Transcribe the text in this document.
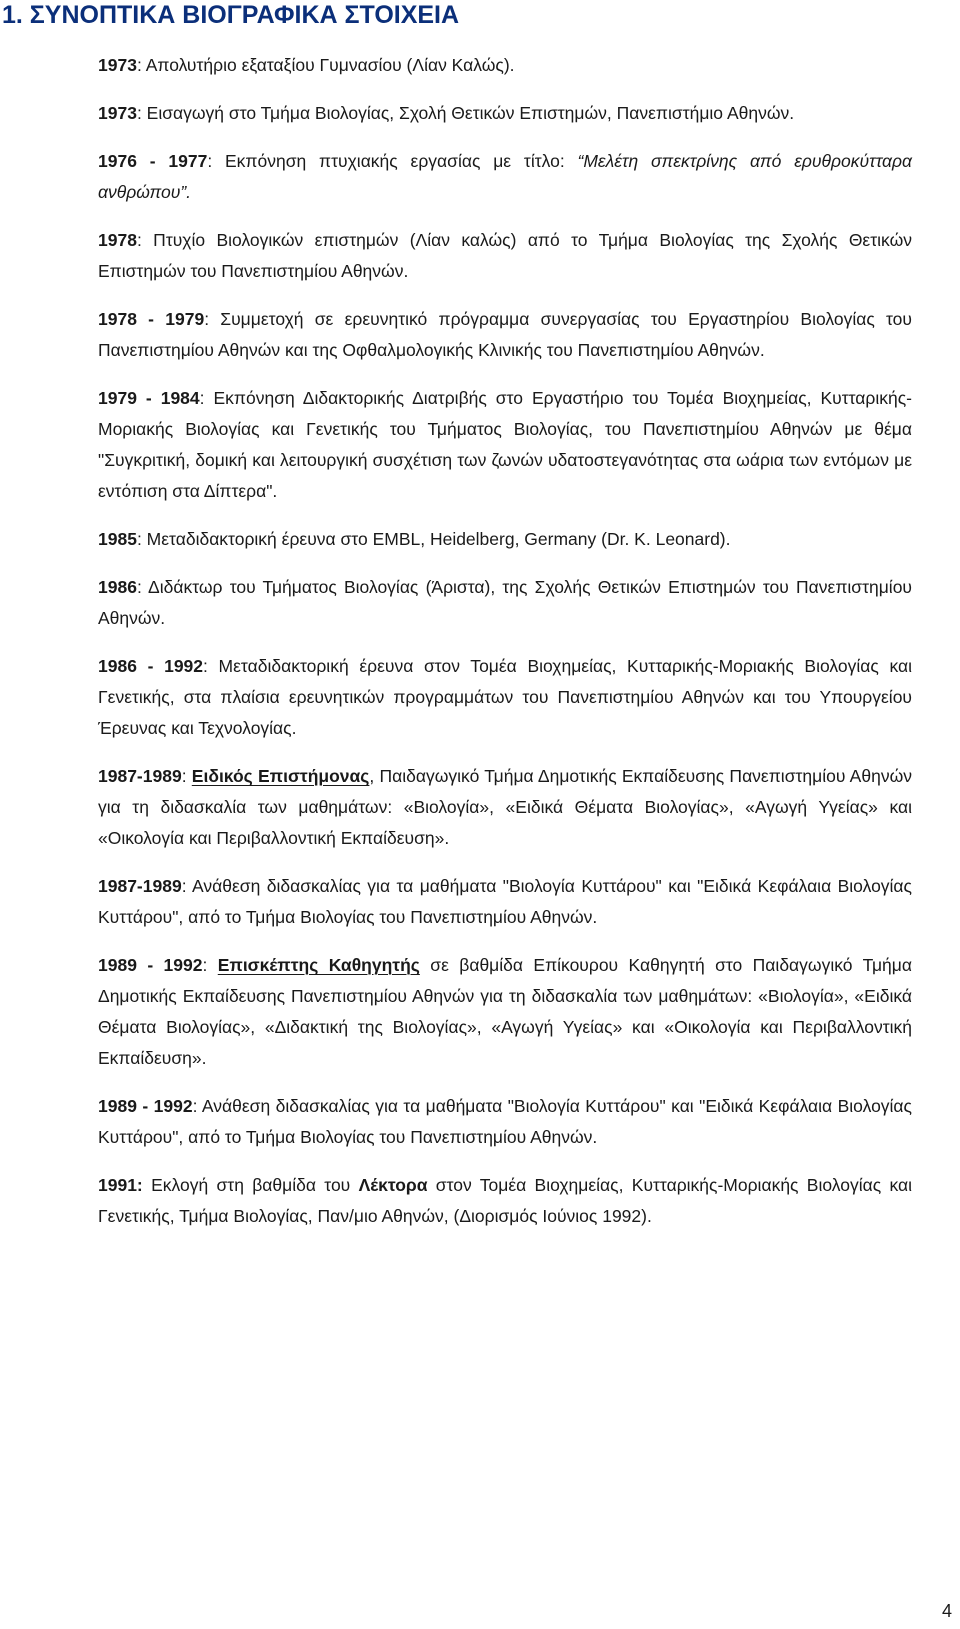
1. ΣΥΝΟΠΤΙΚΑ ΒΙΟΓΡΑΦΙΚΑ ΣΤΟΙΧΕΙΑ

1973: Απολυτήριο εξαταξίου Γυμνασίου (Λίαν Καλώς).

1973: Εισαγωγή στο Τμήμα Βιολογίας, Σχολή Θετικών Επιστημών, Πανεπιστήμιο Αθηνών.

1976 - 1977: Εκπόνηση πτυχιακής εργασίας με τίτλο: “Μελέτη σπεκτρίνης από ερυθροκύτταρα ανθρώπου”.

1978: Πτυχίο Βιολογικών επιστημών (Λίαν καλώς) από το Τμήμα Βιολογίας της Σχολής Θετικών Επιστημών του Πανεπιστημίου Αθηνών.

1978 - 1979: Συμμετοχή σε ερευνητικό πρόγραμμα συνεργασίας του Εργαστηρίου Βιολογίας του Πανεπιστημίου Αθηνών και της Οφθαλμολογικής Κλινικής του Πανεπιστημίου Αθηνών.

1979 - 1984: Εκπόνηση Διδακτορικής Διατριβής στο Εργαστήριο του Τομέα Βιοχημείας, Κυτταρικής-Μοριακής Βιολογίας και Γενετικής του Τμήματος Βιολογίας, του Πανεπιστημίου Αθηνών με θέμα "Συγκριτική, δομική και λειτουργική συσχέτιση των ζωνών υδατοστεγανότητας στα ωάρια των εντόμων με εντόπιση στα Δίπτερα".

1985: Μεταδιδακτορική έρευνα στο EMBL, Heidelberg, Germany (Dr. K. Leonard).

1986: Διδάκτωρ του Τμήματος Βιολογίας (Άριστα), της Σχολής Θετικών Επιστημών του Πανεπιστημίου Αθηνών.

1986 - 1992: Μεταδιδακτορική έρευνα στον Τομέα Βιοχημείας, Κυτταρικής-Μοριακής Βιολογίας και Γενετικής, στα πλαίσια ερευνητικών προγραμμάτων του Πανεπιστημίου Αθηνών και του Υπουργείου Έρευνας και Τεχνολογίας.

1987-1989: Ειδικός Επιστήμονας, Παιδαγωγικό Τμήμα Δημοτικής Εκπαίδευσης Πανεπιστημίου Αθηνών για τη διδασκαλία των μαθημάτων: «Βιολογία», «Ειδικά Θέματα Βιολογίας», «Αγωγή Υγείας» και «Οικολογία και Περιβαλλοντική Εκπαίδευση».

1987-1989: Ανάθεση διδασκαλίας για τα μαθήματα "Βιολογία Κυττάρου" και "Ειδικά Κεφάλαια Βιολογίας Κυττάρου", από το Τμήμα Βιολογίας του Πανεπιστημίου Αθηνών.

1989 - 1992: Επισκέπτης Καθηγητής σε βαθμίδα Επίκουρου Καθηγητή στο Παιδαγωγικό Τμήμα Δημοτικής Εκπαίδευσης Πανεπιστημίου Αθηνών για τη διδασκαλία των μαθημάτων: «Βιολογία», «Ειδικά Θέματα Βιολογίας», «Διδακτική της Βιολογίας», «Αγωγή Υγείας» και «Οικολογία και Περιβαλλοντική Εκπαίδευση».

1989 - 1992: Ανάθεση διδασκαλίας για τα μαθήματα "Βιολογία Κυττάρου" και "Ειδικά Κεφάλαια Βιολογίας Κυττάρου", από το Τμήμα Βιολογίας του Πανεπιστημίου Αθηνών.

1991: Εκλογή στη βαθμίδα του Λέκτορα στον Τομέα Βιοχημείας, Κυτταρικής-Μοριακής Βιολογίας και Γενετικής, Τμήμα Βιολογίας, Παν/μιο Αθηνών, (Διορισμός Ιούνιος 1992).

4
